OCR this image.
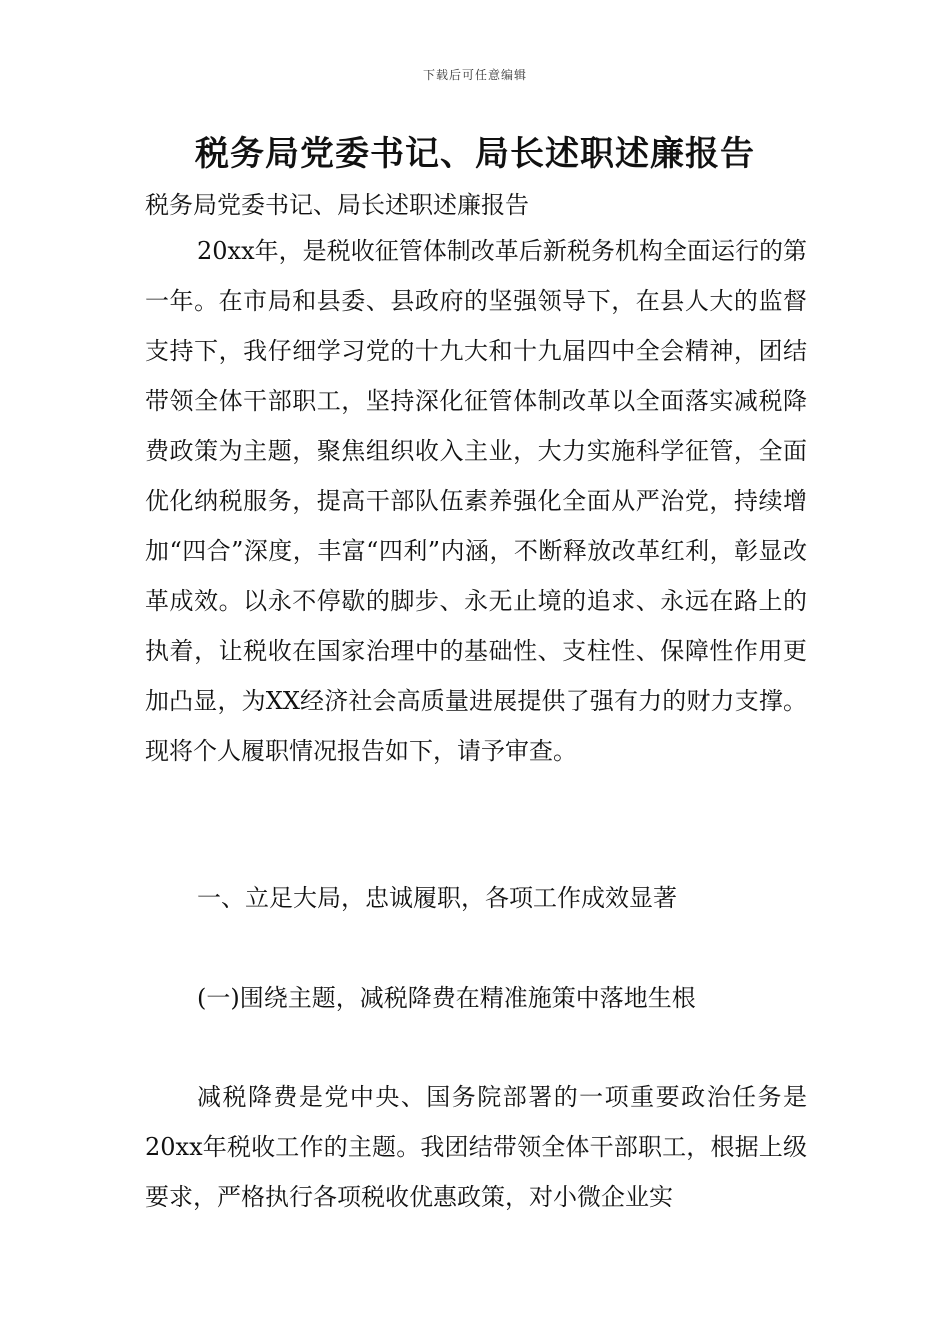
下载后可任意编辑
税务局党委书记、局长述职述廉报告

税务局党委书记、局长述职述廉报告

20xx年，是税收征管体制改革后新税务机构全面运行的第一年。在市局和县委、县政府的坚强领导下，在县人大的监督支持下，我仔细学习党的十九大和十九届四中全会精神，团结带领全体干部职工，坚持深化征管体制改革以全面落实减税降费政策为主题，聚焦组织收入主业，大力实施科学征管，全面优化纳税服务，提高干部队伍素养强化全面从严治党，持续增加“四合”深度，丰富“四利”内涵，不断释放改革红利，彰显改革成效。以永不停歇的脚步、永无止境的追求、永远在路上的执着，让税收在国家治理中的基础性、支柱性、保障性作用更加凸显，为XX经济社会高质量进展提供了强有力的财力支撑。现将个人履职情况报告如下，请予审查。

一、立足大局，忠诚履职，各项工作成效显著

(一)围绕主题，减税降费在精准施策中落地生根

减税降费是党中央、国务院部署的一项重要政治任务是20xx年税收工作的主题。我团结带领全体干部职工，根据上级要求，严格执行各项税收优惠政策，对小微企业实
